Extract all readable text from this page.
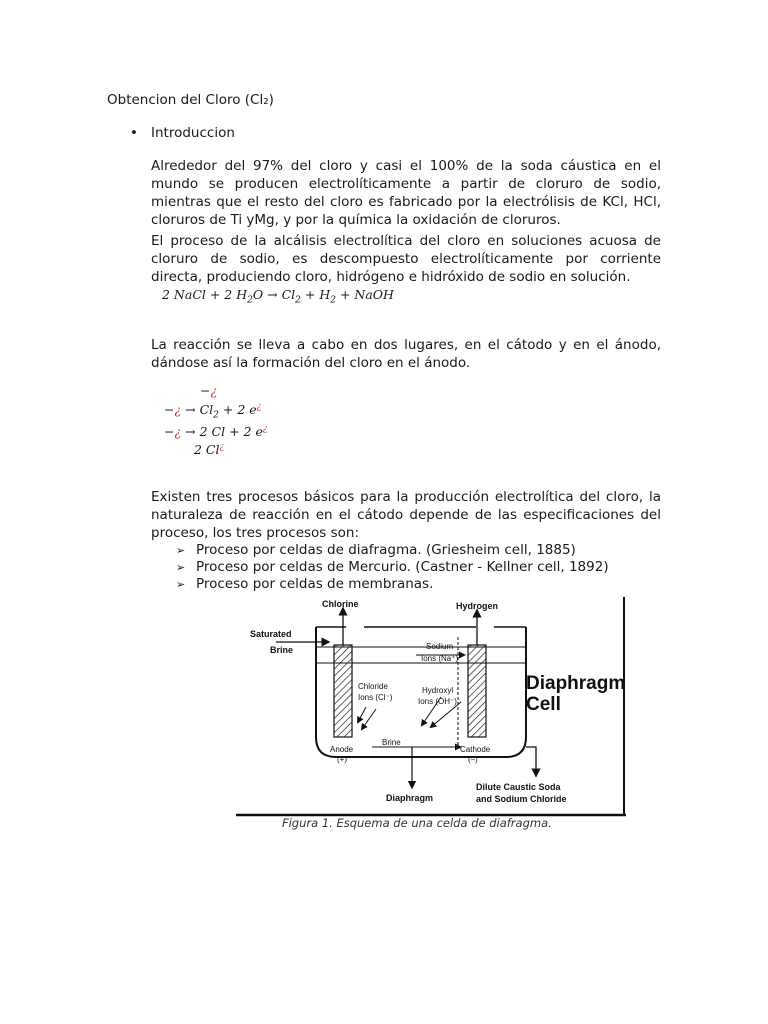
Obtencion del Cloro (Cl₂)
• Introduccion
Alrededor del 97% del cloro y casi el 100% de la soda cáustica en el
mundo se producen electrolíticamente a partir de cloruro de sodio,
mientras que el resto del cloro es fabricado por la electrólisis de KCl, HCl,
cloruros de Ti yMg, y por la química la oxidación de cloruros.
El proceso de la alcálisis electrolítica del cloro en soluciones acuosa de
cloruro de sodio, es descompuesto electrolíticamente por corriente
directa, produciendo cloro, hidrógeno e hidróxido de sodio en solución.
2 NaCl + 2 $H_2O \to Cl_2 + H_2$ + NaOH
La reacción se lleva a cabo en dos lugares, en el cátodo y en el ánodo,
dándose así la formación del cloro en el ánodo.
−¿
−¿ → $Cl_2 + 2$ e¿
−¿ → 2 Cl + 2 e¿
2 Cl¿
Existen tres procesos básicos para la producción electrolítica del cloro, la
naturaleza de reacción en el cátodo depende de las especificaciones del
proceso, los tres procesos son:
➢ Proceso por celdas de diafragma. (Griesheim cell, 1885)
➢ Proceso por celdas de Mercurio. (Castner - Kellner cell, 1892)
➢ Proceso por celdas de membranas.
Chlorine	Hydrogen
Saturated
Brine	Sodium
Ions (Na⁺)
Chloride
Ions (Cl⁻)
Hydroxyl
Ions (OH⁻)
Brine
Anode
(+)
Cathode
(–)
Diaphragm
Diaphragm
Cell
Dilute Caustic Soda
and Sodium Chloride
Figura 1. Esquema de una celda de diafragma.
